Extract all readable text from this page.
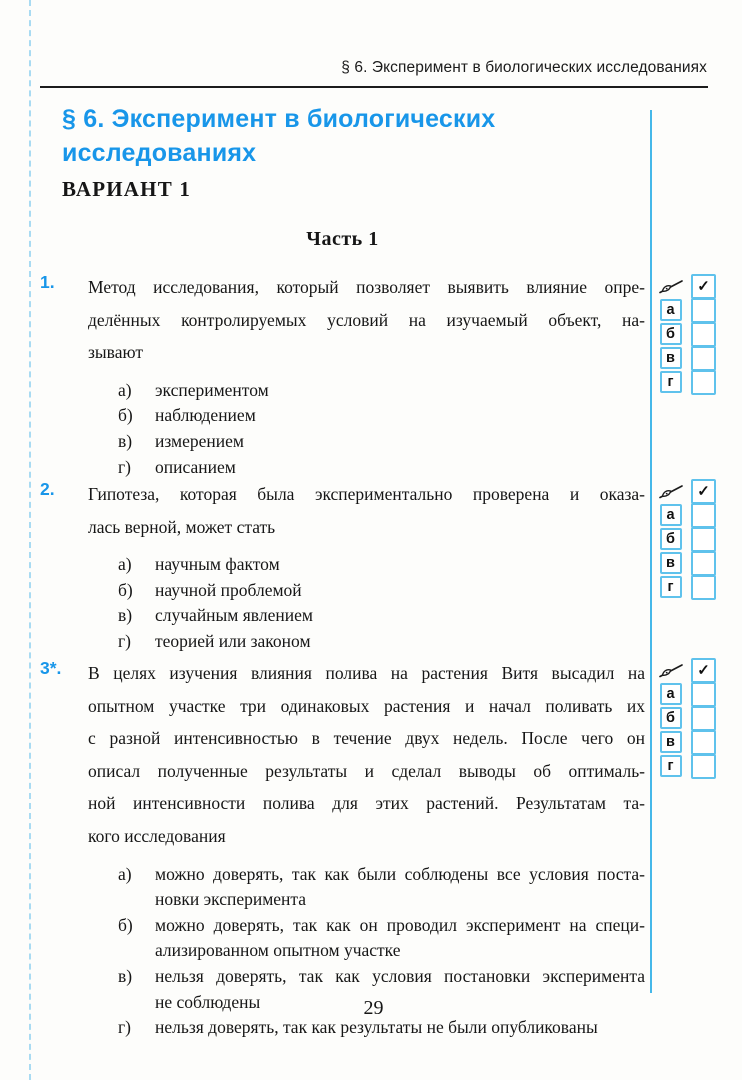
§ 6. Эксперимент в биологических исследованиях
§ 6. Эксперимент в биологических исследованиях
ВАРИАНТ 1
Часть 1
1.	Метод исследования, который позволяет выявить влияние опре-
делённых контролируемых условий на изучаемый объект, на-
зывают
а)	экспериментом
б)	наблюдением
в)	измерением
г)	описанием
2.	Гипотеза, которая была экспериментально проверена и оказа-
лась верной, может стать
а)	научным фактом
б)	научной проблемой
в)	случайным явлением
г)	теорией или законом
3*.	В целях изучения влияния полива на растения Витя высадил на
опытном участке три одинаковых растения и начал поливать их
с разной интенсивностью в течение двух недель. После чего он
описал полученные результаты и сделал выводы об оптималь-
ной интенсивности полива для этих растений. Результатам та-
кого исследования
а)	можно доверять, так как были соблюдены все условия поста-
новки эксперимента
б)	можно доверять, так как он проводил эксперимент на специ-
ализированном опытном участке
в)	нельзя доверять, так как условия постановки эксперимента
не соблюдены
г)	нельзя доверять, так как результаты не были опубликованы
✓
а
б
в
г
✓
а
б
в
г
✓
а
б
в
г
29
